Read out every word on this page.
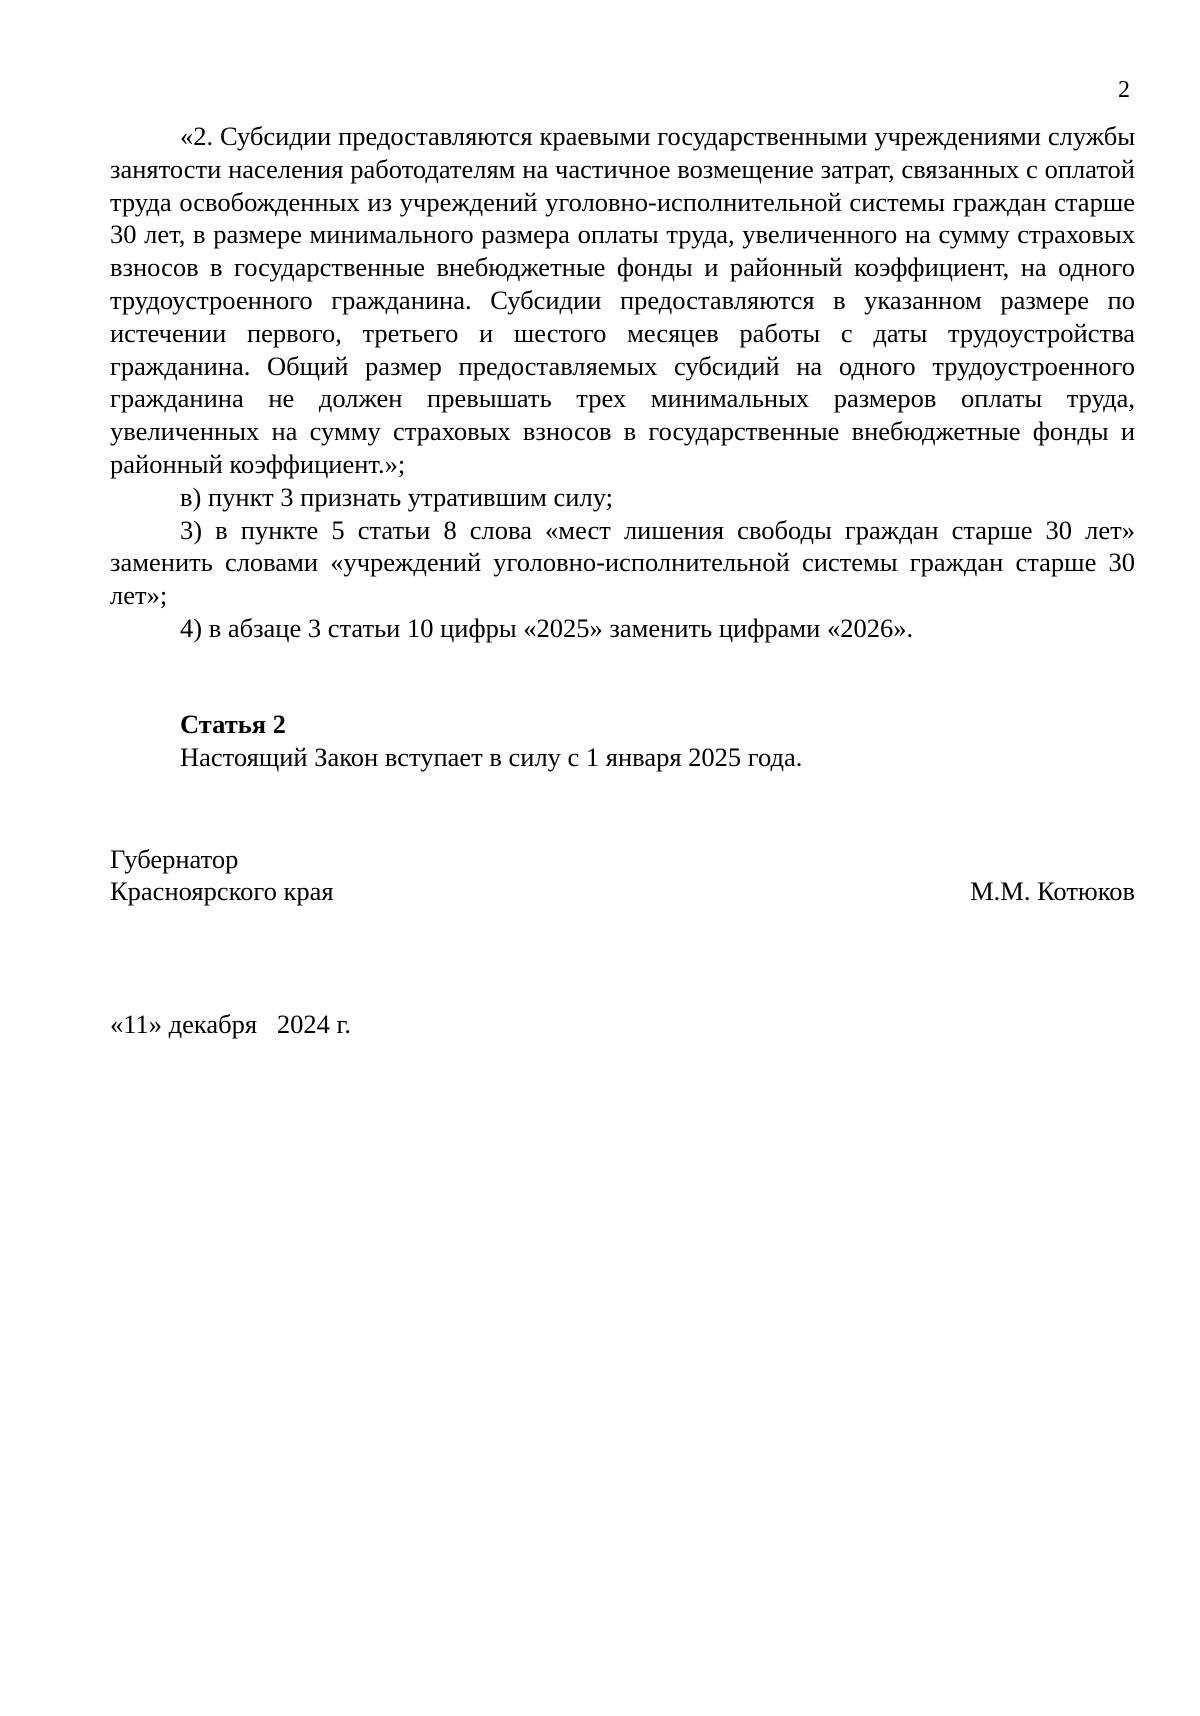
2

«2. Субсидии предоставляются краевыми государственными учреждениями службы занятости населения работодателям на частичное возмещение затрат, связанных с оплатой труда освобожденных из учреждений уголовно-исполнительной системы граждан старше 30 лет, в размере минимального размера оплаты труда, увеличенного на сумму страховых взносов в государственные внебюджетные фонды и районный коэффициент, на одного трудоустроенного гражданина. Субсидии предоставляются в указанном размере по истечении первого, третьего и шестого месяцев работы с даты трудоустройства гражданина. Общий размер предоставляемых субсидий на одного трудоустроенного гражданина не должен превышать трех минимальных размеров оплаты труда, увеличенных на сумму страховых взносов в государственные внебюджетные фонды и районный коэффициент.»;

в) пункт 3 признать утратившим силу;

3) в пункте 5 статьи 8 слова «мест лишения свободы граждан старше 30 лет» заменить словами «учреждений уголовно-исполнительной системы граждан старше 30 лет»;

4) в абзаце 3 статьи 10 цифры «2025» заменить цифрами «2026».

Статья 2
Настоящий Закон вступает в силу с 1 января 2025 года.
Губернатор
Красноярского края	М.М. Котюков
«11» декабря   2024 г.
